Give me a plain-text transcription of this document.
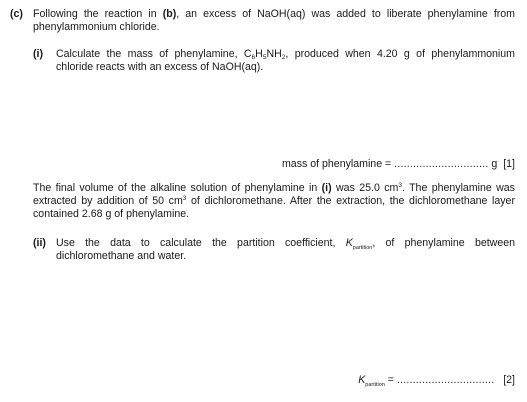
(c) Following the reaction in (b), an excess of NaOH(aq) was added to liberate phenylamine from phenylammonium chloride.
(i) Calculate the mass of phenylamine, $C_6H_5NH_2$, produced when 4.20 g of phenylammonium chloride reacts with an excess of NaOH(aq).
mass of phenylamine = .............................. g [1]
The final volume of the alkaline solution of phenylamine in (i) was 25.0 $cm^3$. The phenylamine was extracted by addition of 50 $cm^3$ of dichloromethane. After the extraction, the dichloromethane layer contained 2.68 g of phenylamine.
(ii) Use the data to calculate the partition coefficient, $K_{partition}$, of phenylamine between dichloromethane and water.
$K_{partition}$ = ............................... [2]
